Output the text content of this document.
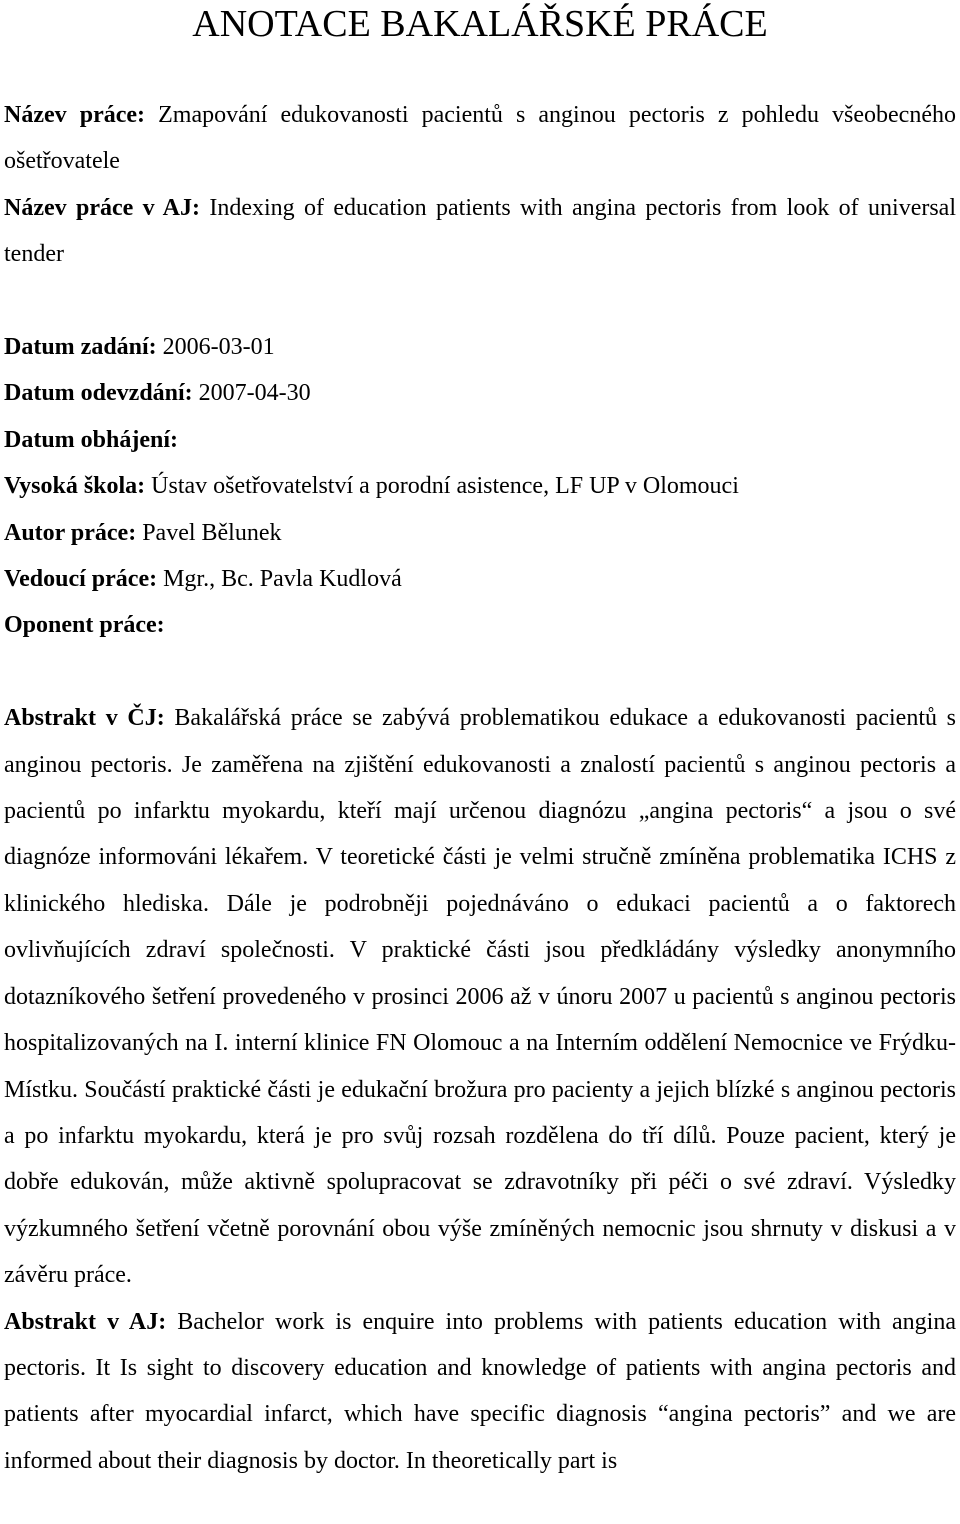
ANOTACE BAKALÁŘSKÉ PRÁCE
Název práce: Zmapování edukovanosti pacientů s anginou pectoris z pohledu všeobecného ošetřovatele
Název práce v AJ: Indexing of education patients with angina pectoris from look of universal tender
Datum zadání: 2006-03-01
Datum odevzdání: 2007-04-30
Datum obhájení:
Vysoká škola: Ústav ošetřovatelství a porodní asistence, LF UP v Olomouci
Autor práce: Pavel Bělunek
Vedoucí práce: Mgr., Bc. Pavla Kudlová
Oponent práce:
Abstrakt v ČJ: Bakalářská práce se zabývá problematikou edukace a edukovanosti pacientů s anginou pectoris. Je zaměřena na zjištění edukovanosti a znalostí pacientů s anginou pectoris a pacientů po infarktu myokardu, kteří mají určenou diagnózu „angina pectoris“ a jsou o své diagnóze informováni lékařem. V teoretické části je velmi stručně zmíněna problematika ICHS z klinického hlediska. Dále je podrobněji pojednáváno o edukaci pacientů a o faktorech ovlivňujících zdraví společnosti. V praktické části jsou předkládány výsledky anonymního dotazníkového šetření provedeného v prosinci 2006 až v únoru 2007 u pacientů s anginou pectoris hospitalizovaných na I. interní klinice FN Olomouc a na Interním oddělení Nemocnice ve Frýdku-Místku. Součástí praktické části je edukační brožura pro pacienty a jejich blízké s anginou pectoris a po infarktu myokardu, která je pro svůj rozsah rozdělena do tří dílů. Pouze pacient, který je dobře edukován, může aktivně spolupracovat se zdravotníky při péči o své zdraví. Výsledky výzkumného šetření včetně porovnání obou výše zmíněných nemocnic jsou shrnuty v diskusi a v závěru práce.
Abstrakt v AJ: Bachelor work is enquire into problems with patients education with angina pectoris. It Is sight to discovery education and knowledge of patients with angina pectoris and patients after myocardial infarct, which have specific diagnosis “angina pectoris” and we are informed about their diagnosis by doctor. In theoretically part is
